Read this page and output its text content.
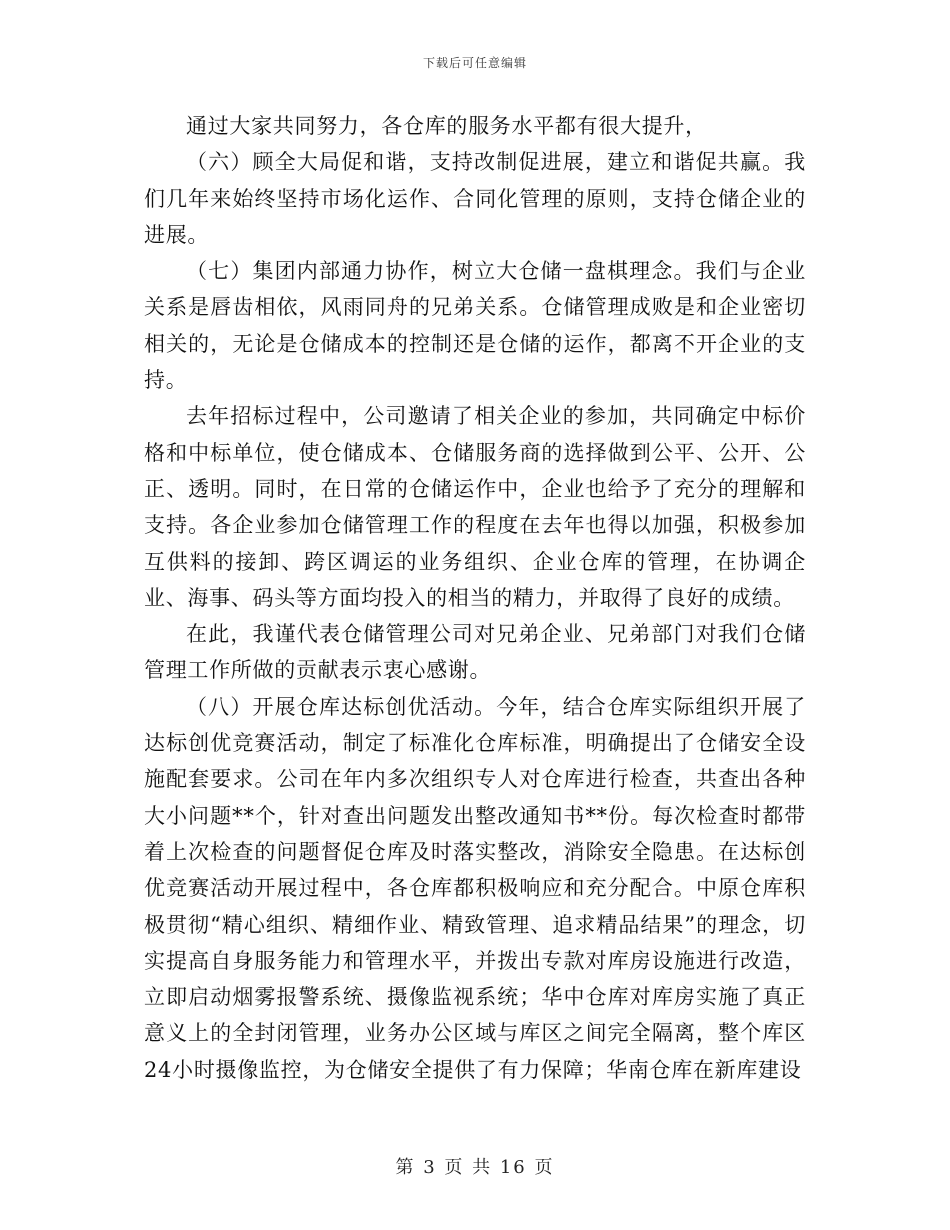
下载后可任意编辑

通过大家共同努力，各仓库的服务水平都有很大提升，

（六）顾全大局促和谐，支持改制促进展，建立和谐促共赢。我们几年来始终坚持市场化运作、合同化管理的原则，支持仓储企业的进展。

（七）集团内部通力协作，树立大仓储一盘棋理念。我们与企业关系是唇齿相依，风雨同舟的兄弟关系。仓储管理成败是和企业密切相关的，无论是仓储成本的控制还是仓储的运作，都离不开企业的支持。

去年招标过程中，公司邀请了相关企业的参加，共同确定中标价格和中标单位，使仓储成本、仓储服务商的选择做到公平、公开、公正、透明。同时，在日常的仓储运作中，企业也给予了充分的理解和支持。各企业参加仓储管理工作的程度在去年也得以加强，积极参加互供料的接卸、跨区调运的业务组织、企业仓库的管理，在协调企业、海事、码头等方面均投入的相当的精力，并取得了良好的成绩。

在此，我谨代表仓储管理公司对兄弟企业、兄弟部门对我们仓储管理工作所做的贡献表示衷心感谢。

（八）开展仓库达标创优活动。今年，结合仓库实际组织开展了达标创优竞赛活动，制定了标准化仓库标准，明确提出了仓储安全设施配套要求。公司在年内多次组织专人对仓库进行检查，共查出各种大小问题**个，针对查出问题发出整改通知书**份。每次检查时都带着上次检查的问题督促仓库及时落实整改，消除安全隐患。在达标创优竞赛活动开展过程中，各仓库都积极响应和充分配合。中原仓库积极贯彻“精心组织、精细作业、精致管理、追求精品结果”的理念，切实提高自身服务能力和管理水平，并拨出专款对库房设施进行改造，立即启动烟雾报警系统、摄像监视系统；华中仓库对库房实施了真正意义上的全封闭管理，业务办公区域与库区之间完全隔离，整个库区24小时摄像监控，为仓储安全提供了有力保障；华南仓库在新库建设

第 3 页 共 16 页
